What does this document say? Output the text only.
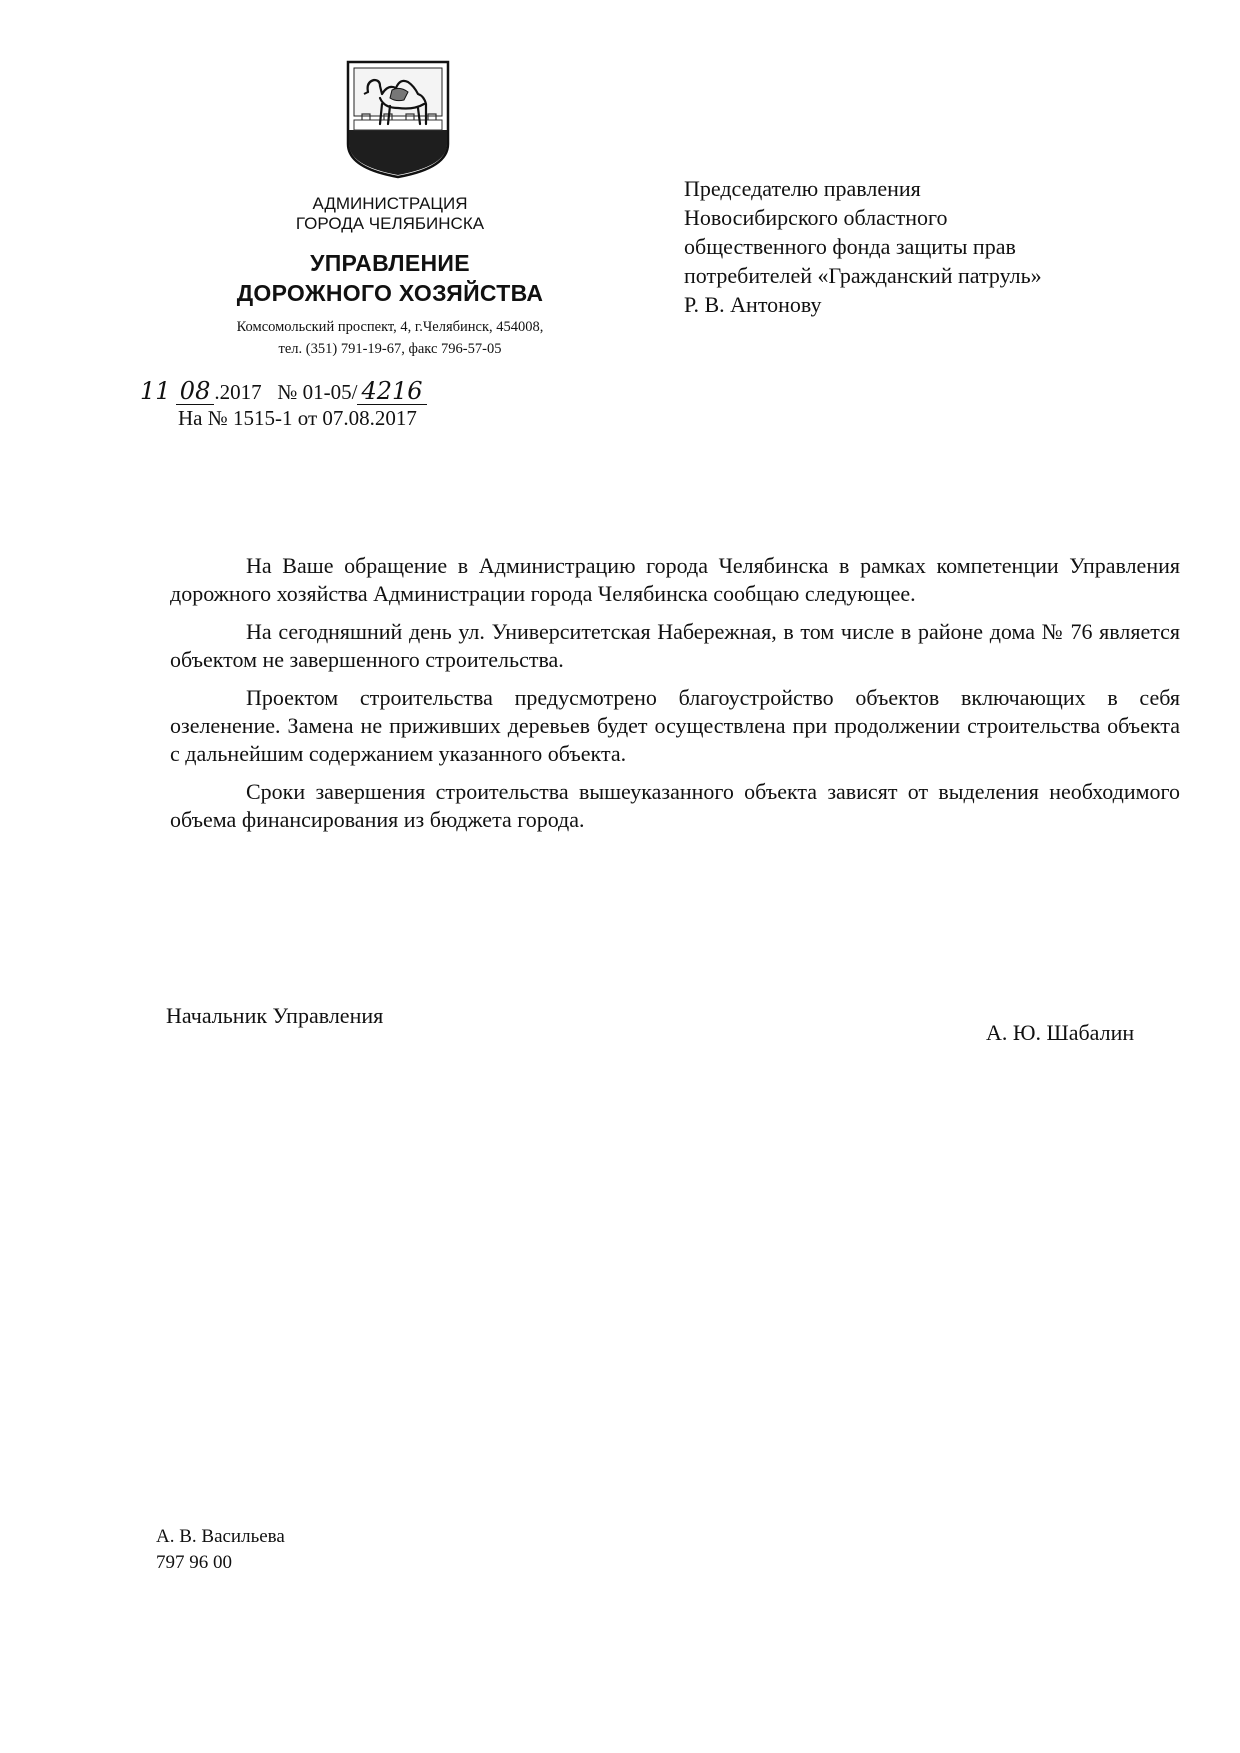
АДМИНИСТРАЦИЯ
ГОРОДА ЧЕЛЯБИНСКА
УПРАВЛЕНИЕ
ДОРОЖНОГО ХОЗЯЙСТВА
Комсомольский проспект, 4, г.Челябинск, 454008,
тел. (351) 791-19-67, факс 796-57-05
11 08 .2017 № 01-05/ 4216
На № 1515-1 от 07.08.2017
Председателю правления
Новосибирского областного
общественного фонда защиты прав
потребителей «Гражданский патруль»
Р. В. Антонову

На Ваше обращение в Администрацию города Челябинска в рамках компетенции Управления дорожного хозяйства Администрации города Челябинска сообщаю следующее.

На сегодняшний день ул. Университетская Набережная, в том числе в районе дома № 76 является объектом не завершенного строительства.

Проектом строительства предусмотрено благоустройство объектов включающих в себя озеленение. Замена не приживших деревьев будет осуществлена при продолжении строительства объекта с дальнейшим содержанием указанного объекта.

Сроки завершения строительства вышеуказанного объекта зависят от выделения необходимого объема финансирования из бюджета города.

Начальник Управления
А. Ю. Шабалин
А. В. Васильева
797 96 00
